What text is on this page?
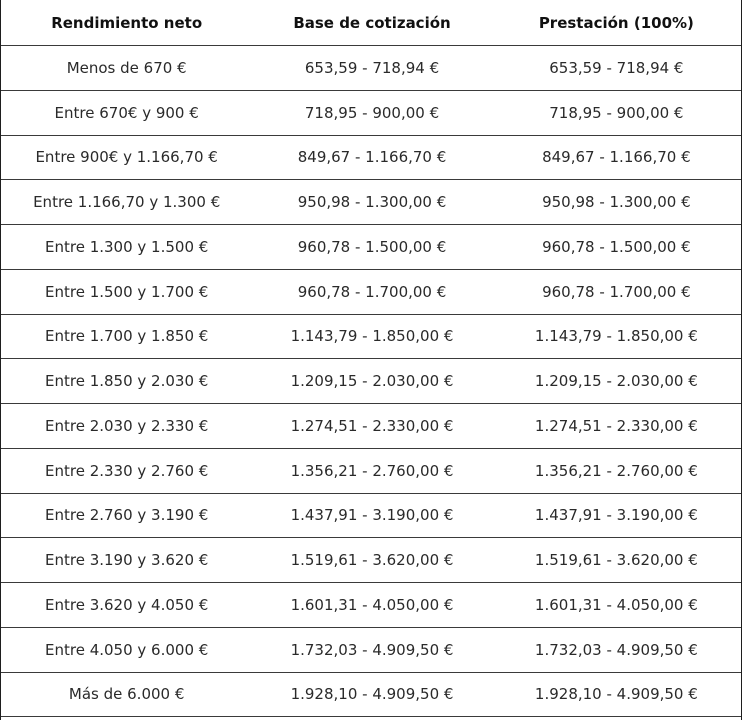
Rendimiento neto	Base de cotización	Prestación (100%)
Menos de 670 €	653,59 - 718,94 €	653,59 - 718,94 €
Entre 670€ y 900 €	718,95 - 900,00 €	718,95 - 900,00 €
Entre 900€ y 1.166,70 €	849,67 - 1.166,70 €	849,67 - 1.166,70 €
Entre 1.166,70 y 1.300 €	950,98 - 1.300,00 €	950,98 - 1.300,00 €
Entre 1.300 y 1.500 €	960,78 - 1.500,00 €	960,78 - 1.500,00 €
Entre 1.500 y 1.700 €	960,78 - 1.700,00 €	960,78 - 1.700,00 €
Entre 1.700 y 1.850 €	1.143,79 - 1.850,00 €	1.143,79 - 1.850,00 €
Entre 1.850 y 2.030 €	1.209,15 - 2.030,00 €	1.209,15 - 2.030,00 €
Entre 2.030 y 2.330 €	1.274,51 - 2.330,00 €	1.274,51 - 2.330,00 €
Entre 2.330 y 2.760 €	1.356,21 - 2.760,00 €	1.356,21 - 2.760,00 €
Entre 2.760 y 3.190 €	1.437,91 - 3.190,00 €	1.437,91 - 3.190,00 €
Entre 3.190 y 3.620 €	1.519,61 - 3.620,00 €	1.519,61 - 3.620,00 €
Entre 3.620 y 4.050 €	1.601,31 - 4.050,00 €	1.601,31 - 4.050,00 €
Entre 4.050 y 6.000 €	1.732,03 - 4.909,50 €	1.732,03 - 4.909,50 €
Más de 6.000 €	1.928,10 - 4.909,50 €	1.928,10 - 4.909,50 €
